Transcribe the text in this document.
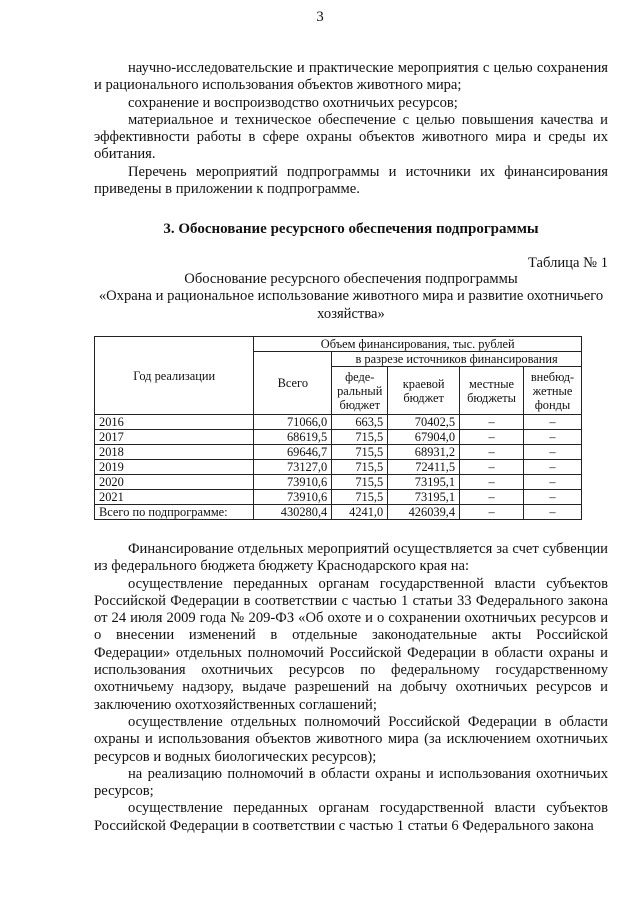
3

научно-исследовательские и практические мероприятия с целью сохранения и рационального использования объектов животного мира;

сохранение и воспроизводство охотничьих ресурсов;

материальное и техническое обеспечение с целью повышения качества и эффективности работы в сфере охраны объектов животного мира и среды их обитания.

Перечень мероприятий подпрограммы и источники их финансирования приведены в приложении к подпрограмме.

3. Обоснование ресурсного обеспечения подпрограммы
Таблица № 1
Обоснование ресурсного обеспечения подпрограммы
«Охрана и рациональное использование животного мира и развитие охотничьего хозяйства»
Год реализации	Объем финансирования, тыс. рублей				
	Всего	в разрезе источников финансирования			
		феде-ральный бюджет	краевой бюджет	местные бюджеты	внебюд-жетные фонды
2016	71066,0	663,5	70402,5	–	–
2017	68619,5	715,5	67904,0	–	–
2018	69646,7	715,5	68931,2	–	–
2019	73127,0	715,5	72411,5	–	–
2020	73910,6	715,5	73195,1	–	–
2021	73910,6	715,5	73195,1	–	–
Всего по подпрограмме:	430280,4	4241,0	426039,4	–	–

Финансирование отдельных мероприятий осуществляется за счет субвенции из федерального бюджета бюджету Краснодарского края на:

осуществление переданных органам государственной власти субъектов Российской Федерации в соответствии с частью 1 статьи 33 Федерального закона от 24 июля 2009 года № 209-ФЗ «Об охоте и о сохранении охотничьих ресурсов и о внесении изменений в отдельные законодательные акты Российской Федерации» отдельных полномочий Российской Федерации в области охраны и использования охотничьих ресурсов по федеральному государственному охотничьему надзору, выдаче разрешений на добычу охотничьих ресурсов и заключению охотхозяйственных соглашений;

осуществление отдельных полномочий Российской Федерации в области охраны и использования объектов животного мира (за исключением охотничьих ресурсов и водных биологических ресурсов);

на реализацию полномочий в области охраны и использования охотничьих ресурсов;

осуществление переданных органам государственной власти субъектов Российской Федерации в соответствии с частью 1 статьи 6 Федерального закона
